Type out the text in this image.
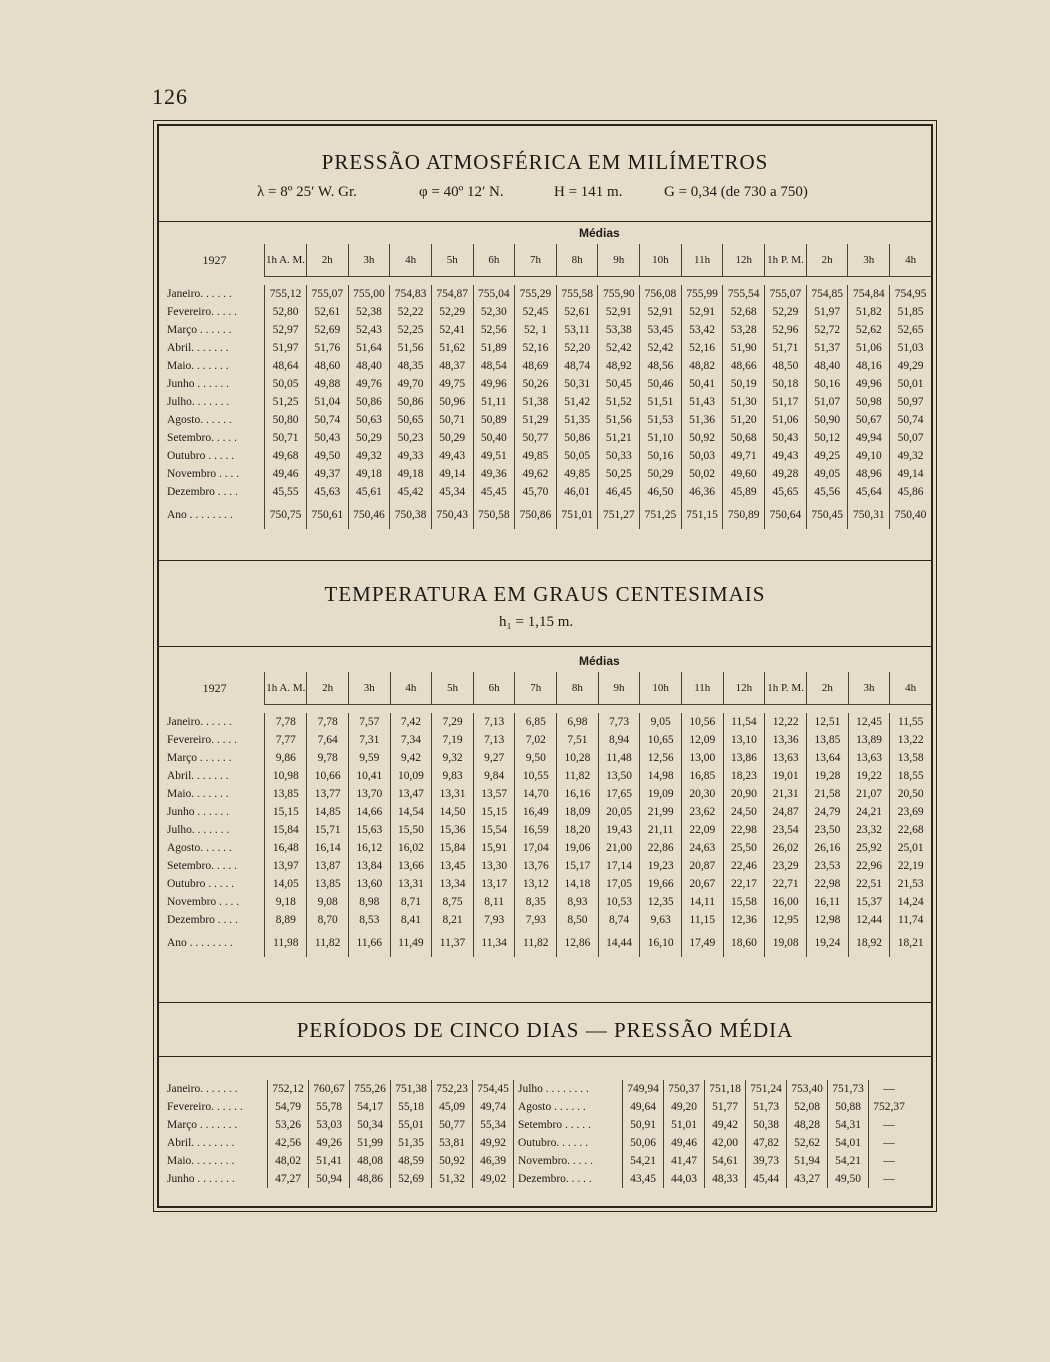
126
PRESSÃO ATMOSFÉRICA EM MILÍMETROS
λ = 8º 25′ W. Gr.	φ = 40º 12′ N.	H = 141 m.	G = 0,34 (de 730 a 750)
Médias
1927	1h A. M.	2h	3h	4h	5h	6h	7h	8h	9h	10h	11h	12h	1h P. M.	2h	3h	4h

Janeiro. . . . . .	755,12	755,07	755,00	754,83	754,87	755,04	755,29	755,58	755,90	756,08	755,99	755,54	755,07	754,85	754,84	754,95
Fevereiro. . . . .	52,80	52,61	52,38	52,22	52,29	52,30	52,45	52,61	52,91	52,91	52,91	52,68	52,29	51,97	51,82	51,85
Março . . . . . .	52,97	52,69	52,43	52,25	52,41	52,56	52, 1	53,11	53,38	53,45	53,42	53,28	52,96	52,72	52,62	52,65
Abril. . . . . . .	51,97	51,76	51,64	51,56	51,62	51,89	52,16	52,20	52,42	52,42	52,16	51,90	51,71	51,37	51,06	51,03
Maio. . . . . . .	48,64	48,60	48,40	48,35	48,37	48,54	48,69	48,74	48,92	48,56	48,82	48,66	48,50	48,40	48,16	49,29
Junho . . . . . .	50,05	49,88	49,76	49,70	49,75	49,96	50,26	50,31	50,45	50,46	50,41	50,19	50,18	50,16	49,96	50,01
Julho. . . . . . .	51,25	51,04	50,86	50,86	50,96	51,11	51,38	51,42	51,52	51,51	51,43	51,30	51,17	51,07	50,98	50,97
Agosto. . . . . .	50,80	50,74	50,63	50,65	50,71	50,89	51,29	51,35	51,56	51,53	51,36	51,20	51,06	50,90	50,67	50,74
Setembro. . . . .	50,71	50,43	50,29	50,23	50,29	50,40	50,77	50,86	51,21	51,10	50,92	50,68	50,43	50,12	49,94	50,07
Outubro . . . . .	49,68	49,50	49,32	49,33	49,43	49,51	49,85	50,05	50,33	50,16	50,03	49,71	49,43	49,25	49,10	49,32
Novembro . . . .	49,46	49,37	49,18	49,18	49,14	49,36	49,62	49,85	50,25	50,29	50,02	49,60	49,28	49,05	48,96	49,14
Dezembro . . . .	45,55	45,63	45,61	45,42	45,34	45,45	45,70	46,01	46,45	46,50	46,36	45,89	45,65	45,56	45,64	45,86
Ano . . . . . . . .	750,75	750,61	750,46	750,38	750,43	750,58	750,86	751,01	751,27	751,25	751,15	750,89	750,64	750,45	750,31	750,40
TEMPERATURA EM GRAUS CENTESIMAIS
h₁ = 1,15 m.
Médias
1927	1h A. M.	2h	3h	4h	5h	6h	7h	8h	9h	10h	11h	12h	1h P. M.	2h	3h	4h

Janeiro. . . . . .	7,78	7,78	7,57	7,42	7,29	7,13	6,85	6,98	7,73	9,05	10,56	11,54	12,22	12,51	12,45	11,55
Fevereiro. . . . .	7,77	7,64	7,31	7,34	7,19	7,13	7,02	7,51	8,94	10,65	12,09	13,10	13,36	13,85	13,89	13,22
Março . . . . . .	9,86	9,78	9,59	9,42	9,32	9,27	9,50	10,28	11,48	12,56	13,00	13,86	13,63	13,64	13,63	13,58
Abril. . . . . . .	10,98	10,66	10,41	10,09	9,83	9,84	10,55	11,82	13,50	14,98	16,85	18,23	19,01	19,28	19,22	18,55
Maio. . . . . . .	13,85	13,77	13,70	13,47	13,31	13,57	14,70	16,16	17,65	19,09	20,30	20,90	21,31	21,58	21,07	20,50
Junho . . . . . .	15,15	14,85	14,66	14,54	14,50	15,15	16,49	18,09	20,05	21,99	23,62	24,50	24,87	24,79	24,21	23,69
Julho. . . . . . .	15,84	15,71	15,63	15,50	15,36	15,54	16,59	18,20	19,43	21,11	22,09	22,98	23,54	23,50	23,32	22,68
Agosto. . . . . .	16,48	16,14	16,12	16,02	15,84	15,91	17,04	19,06	21,00	22,86	24,63	25,50	26,02	26,16	25,92	25,01
Setembro. . . . .	13,97	13,87	13,84	13,66	13,45	13,30	13,76	15,17	17,14	19,23	20,87	22,46	23,29	23,53	22,96	22,19
Outubro . . . . .	14,05	13,85	13,60	13,31	13,34	13,17	13,12	14,18	17,05	19,66	20,67	22,17	22,71	22,98	22,51	21,53
Novembro . . . .	9,18	9,08	8,98	8,71	8,75	8,11	8,35	8,93	10,53	12,35	14,11	15,58	16,00	16,11	15,37	14,24
Dezembro . . . .	8,89	8,70	8,53	8,41	8,21	7,93	7,93	8,50	8,74	9,63	11,15	12,36	12,95	12,98	12,44	11,74
Ano . . . . . . . .	11,98	11,82	11,66	11,49	11,37	11,34	11,82	12,86	14,44	16,10	17,49	18,60	19,08	19,24	18,92	18,21
PERÍODOS DE CINCO DIAS — PRESSÃO MÉDIA
Janeiro. . . . . . .	752,12	760,67	755,26	751,38	752,23	754,45	Julho . . . . . . . .	749,94	750,37	751,18	751,24	753,40	751,73	—
Fevereiro. . . . . .	54,79	55,78	54,17	55,18	45,09	49,74	Agosto . . . . . .	49,64	49,20	51,77	51,73	52,08	50,88	752,37
Março . . . . . . .	53,26	53,03	50,34	55,01	50,77	55,34	Setembro . . . . .	50,91	51,01	49,42	50,38	48,28	54,31	—
Abril. . . . . . . .	42,56	49,26	51,99	51,35	53,81	49,92	Outubro. . . . . .	50,06	49,46	42,00	47,82	52,62	54,01	—
Maio. . . . . . . .	48,02	51,41	48,08	48,59	50,92	46,39	Novembro. . . . .	54,21	41,47	54,61	39,73	51,94	54,21	—
Junho . . . . . . .	47,27	50,94	48,86	52,69	51,32	49,02	Dezembro. . . . .	43,45	44,03	48,33	45,44	43,27	49,50	—
